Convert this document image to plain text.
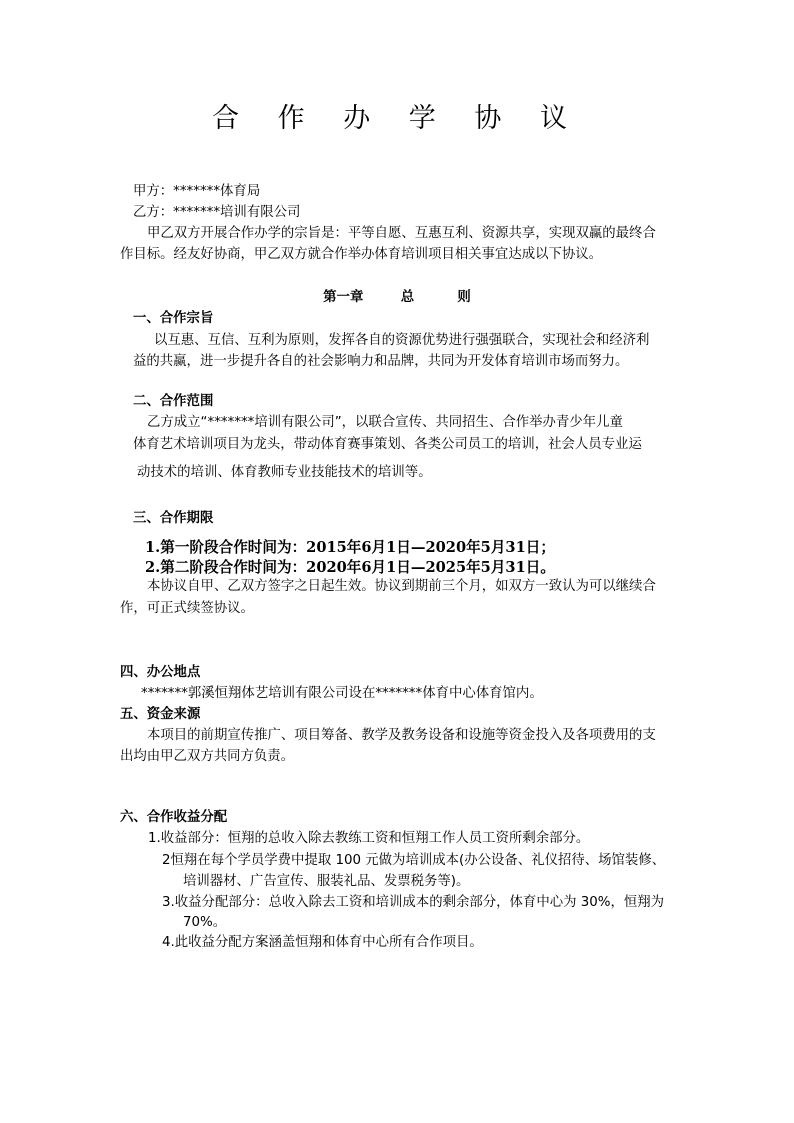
合 作 办 学 协 议
甲方：*******体育局
乙方：*******培训有限公司
甲乙双方开展合作办学的宗旨是：平等自愿、互惠互利、资源共享，实现双赢的最终合
作目标。经友好协商，甲乙双方就合作举办体育培训项目相关事宜达成以下协议。
第一章	总	则
一、合作宗旨
以互惠、互信、互利为原则，发挥各自的资源优势进行强强联合，实现社会和经济利
益的共赢，进一步提升各自的社会影响力和品牌，共同为开发体育培训市场而努力。
二、合作范围
乙方成立“*******培训有限公司”，以联合宣传、共同招生、合作举办青少年儿童
体育艺术培训项目为龙头，带动体育赛事策划、各类公司员工的培训，社会人员专业运
动技术的培训、体育教师专业技能技术的培训等。
三、合作期限
1.第一阶段合作时间为：2015年6月1日—2020年5月31日；
2.第二阶段合作时间为：2020年6月1日—2025年5月31日。
本协议自甲、乙双方签字之日起生效。协议到期前三个月，如双方一致认为可以继续合
作，可正式续签协议。
四、办公地点
*******郭溪恒翔体艺培训有限公司设在*******体育中心体育馆内。
五、资金来源
本项目的前期宣传推广、项目筹备、教学及教务设备和设施等资金投入及各项费用的支
出均由甲乙双方共同方负责。
六、合作收益分配
1.收益部分：恒翔的总收入除去教练工资和恒翔工作人员工资所剩余部分。
2恒翔在每个学员学费中提取 100 元做为培训成本(办公设备、礼仪招待、场馆装修、
培训器材、广告宣传、服装礼品、发票税务等)。
3.收益分配部分：总收入除去工资和培训成本的剩余部分，体育中心为 30%，恒翔为
70%。
4.此收益分配方案涵盖恒翔和体育中心所有合作项目。
